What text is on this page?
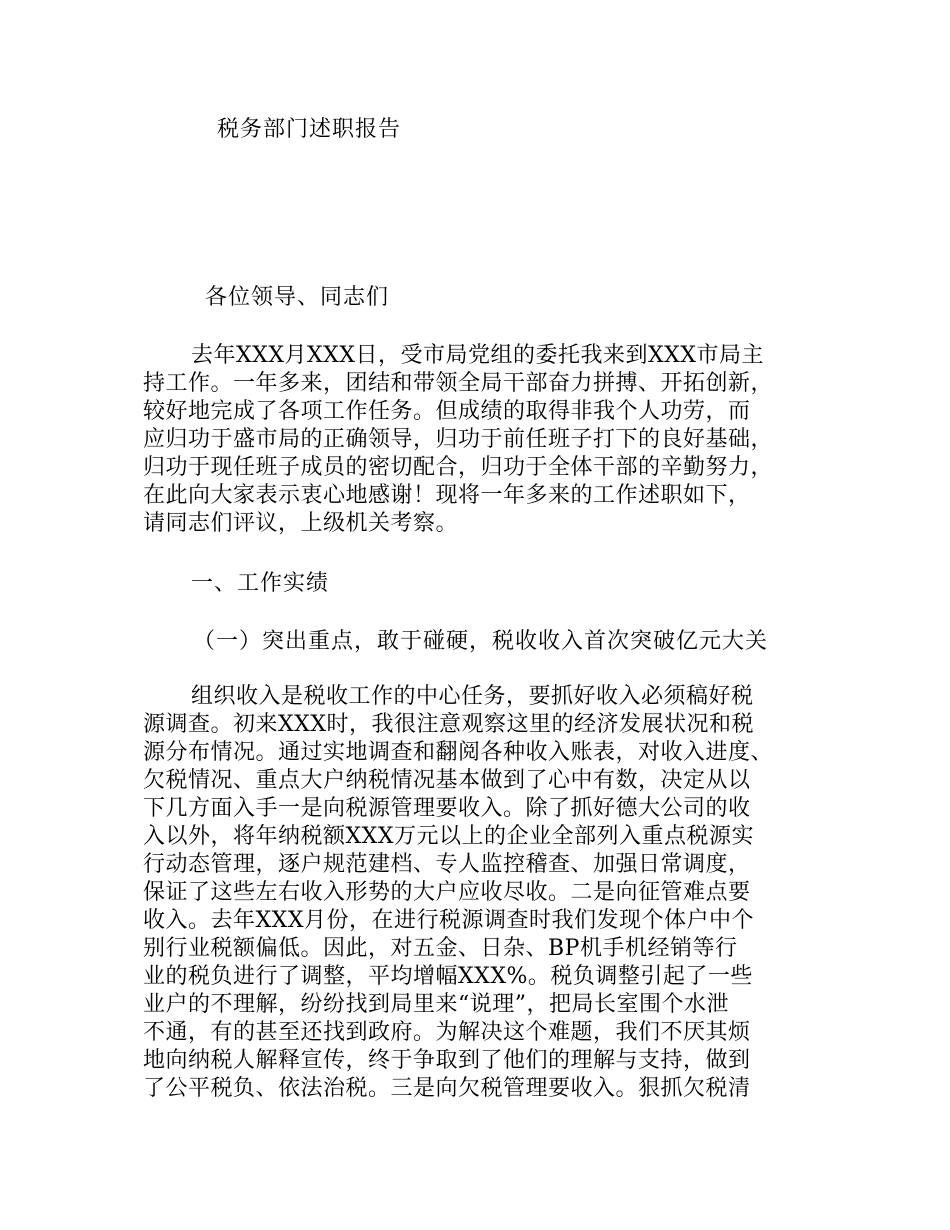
税务部门述职报告
各位领导、同志们
去年XXX月XXX日，受市局党组的委托我来到XXX市局主
持工作。一年多来，团结和带领全局干部奋力拼搏、开拓创新，
较好地完成了各项工作任务。但成绩的取得非我个人功劳，而
应归功于盛市局的正确领导，归功于前任班子打下的良好基础，
归功于现任班子成员的密切配合，归功于全体干部的辛勤努力，
在此向大家表示衷心地感谢！现将一年多来的工作述职如下，
请同志们评议，上级机关考察。
一、工作实绩
（一）突出重点，敢于碰硬，税收收入首次突破亿元大关
组织收入是税收工作的中心任务，要抓好收入必须稿好税
源调查。初来XXX时，我很注意观察这里的经济发展状况和税
源分布情况。通过实地调查和翻阅各种收入账表，对收入进度、
欠税情况、重点大户纳税情况基本做到了心中有数，决定从以
下几方面入手一是向税源管理要收入。除了抓好德大公司的收
入以外，将年纳税额XXX万元以上的企业全部列入重点税源实
行动态管理，逐户规范建档、专人监控稽查、加强日常调度，
保证了这些左右收入形势的大户应收尽收。二是向征管难点要
收入。去年XXX月份，在进行税源调查时我们发现个体户中个
别行业税额偏低。因此，对五金、日杂、BP机手机经销等行
业的税负进行了调整，平均增幅XXX%。税负调整引起了一些
业户的不理解，纷纷找到局里来“说理”，把局长室围个水泄
不通，有的甚至还找到政府。为解决这个难题，我们不厌其烦
地向纳税人解释宣传，终于争取到了他们的理解与支持，做到
了公平税负、依法治税。三是向欠税管理要收入。狠抓欠税清
